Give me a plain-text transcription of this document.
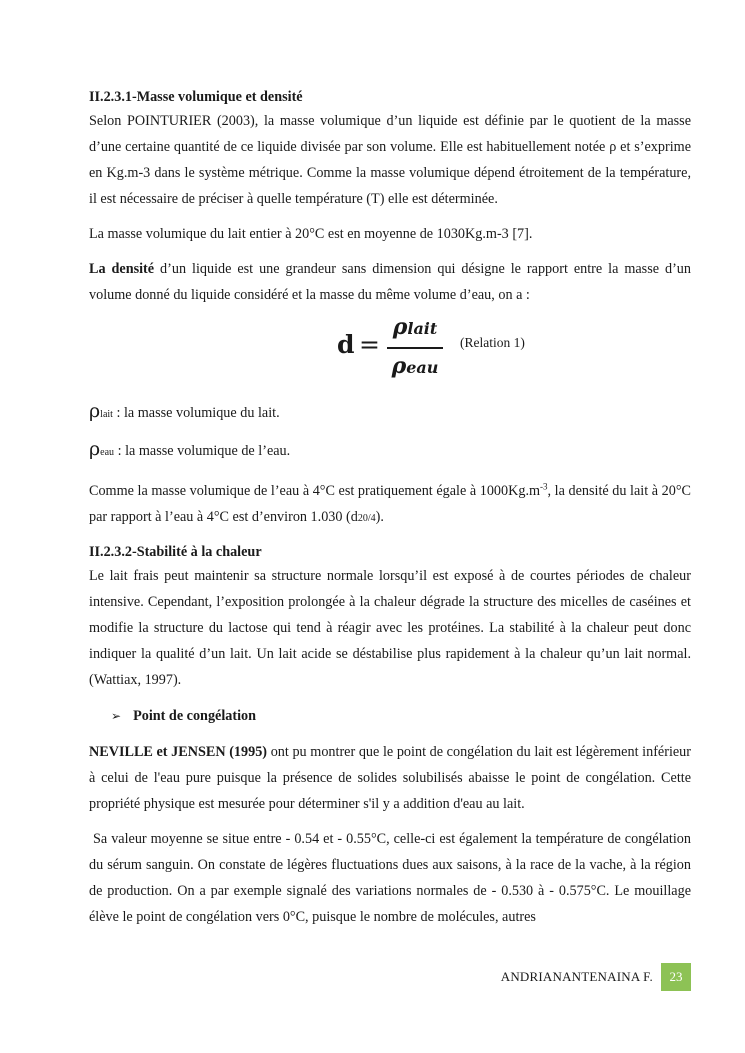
II.2.3.1-Masse volumique et densité

Selon POINTURIER (2003), la masse volumique d’un liquide est définie par le quotient de la masse d’une certaine quantité de ce liquide divisée par son volume. Elle est habituellement notée ρ et s’exprime en Kg.m-3 dans le système métrique. Comme la masse volumique dépend étroitement de la température, il est nécessaire de préciser à quelle température (T) elle est déterminée.

La masse volumique du lait entier à 20°C est en moyenne de 1030Kg.m-3 [7].

La densité d’un liquide est une grandeur sans dimension qui désigne le rapport entre la masse d’un volume donné du liquide considéré et la masse du même volume d’eau, on a :

d =
ρlait
ρeau
(Relation 1)

ρlait : la masse volumique du lait.

ρeau : la masse volumique de l’eau.

Comme la masse volumique de l’eau à 4°C est pratiquement égale à $1000Kg.m^{-3}$, la densité du lait à 20°C par rapport à l’eau à 4°C est d’environ 1.030 (d20/4).

II.2.3.2-Stabilité à la chaleur

Le lait frais peut maintenir sa structure normale lorsqu’il est exposé à de courtes périodes de chaleur intensive. Cependant, l’exposition prolongée à la chaleur dégrade la structure des micelles de caséines et modifie la structure du lactose qui tend à réagir avec les protéines. La stabilité à la chaleur peut donc indiquer la qualité d’un lait. Un lait acide se déstabilise plus rapidement à la chaleur qu’un lait normal. (Wattiax, 1997).

➢ Point de congélation

NEVILLE et JENSEN (1995) ont pu montrer que le point de congélation du lait est légèrement inférieur à celui de l'eau pure puisque la présence de solides solubilisés abaisse le point de congélation. Cette propriété physique est mesurée pour déterminer s'il y a addition d'eau au lait.

Sa valeur moyenne se situe entre - 0.54 et - 0.55°C, celle-ci est également la température de congélation du sérum sanguin. On constate de légères fluctuations dues aux saisons, à la race de la vache, à la région de production. On a par exemple signalé des variations normales de - 0.530 à - 0.575°C. Le mouillage élève le point de congélation vers 0°C, puisque le nombre de molécules, autres

ANDRIANANTENAINA F.	23
